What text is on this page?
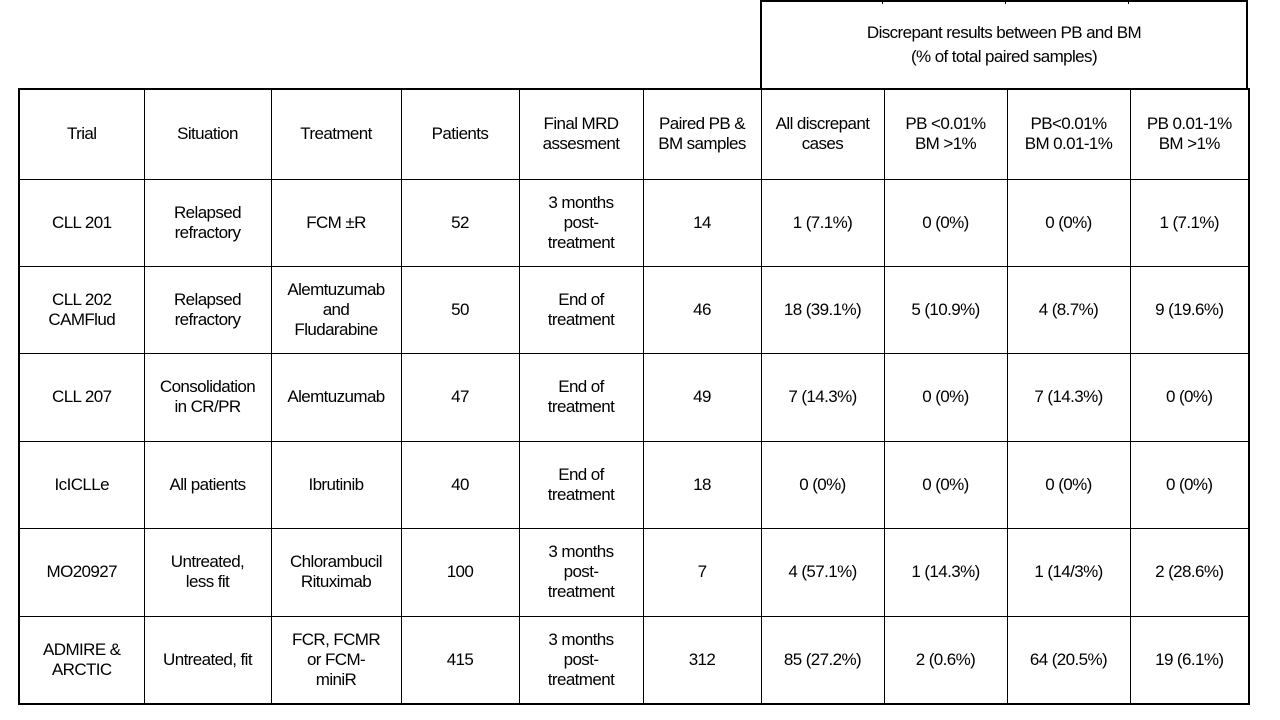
Discrepant results between PB and BM
(% of total paired samples)
Trial	Situation	Treatment	Patients	Final MRD
assesment	Paired PB &
BM samples	All discrepant
cases	PB <0.01%
BM >1%	PB<0.01%
BM 0.01-1%	PB 0.01-1%
BM >1%
CLL 201	Relapsed
refractory	FCM ±R	52	3 months
post-
treatment	14	1 (7.1%)	0 (0%)	0 (0%)	1 (7.1%)
CLL 202
CAMFlud	Relapsed
refractory	Alemtuzumab
and
Fludarabine	50	End of
treatment	46	18 (39.1%)	5 (10.9%)	4 (8.7%)	9 (19.6%)
CLL 207	Consolidation
in CR/PR	Alemtuzumab	47	End of
treatment	49	7 (14.3%)	0 (0%)	7 (14.3%)	0 (0%)
IcICLLe	All patients	Ibrutinib	40	End of
treatment	18	0 (0%)	0 (0%)	0 (0%)	0 (0%)
MO20927	Untreated,
less fit	Chlorambucil
Rituximab	100	3 months
post-
treatment	7	4 (57.1%)	1 (14.3%)	1 (14/3%)	2 (28.6%)
ADMIRE &
ARCTIC	Untreated, fit	FCR, FCMR
or FCM-
miniR	415	3 months
post-
treatment	312	85 (27.2%)	2 (0.6%)	64 (20.5%)	19 (6.1%)
